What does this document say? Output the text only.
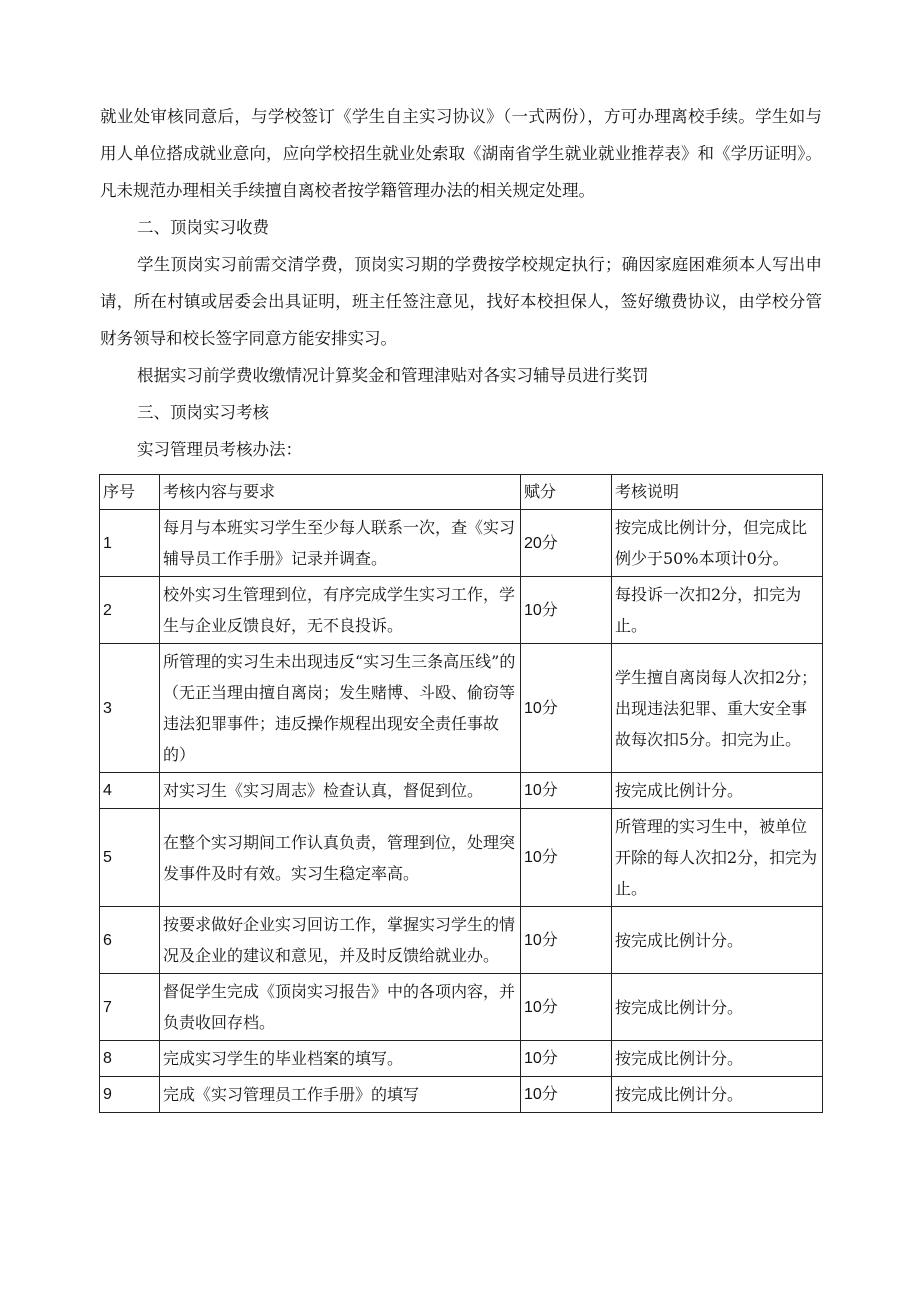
就业处审核同意后，与学校签订《学生自主实习协议》（一式两份），方可办理离校手续。学生如与用人单位搭成就业意向，应向学校招生就业处索取《湖南省学生就业就业推荐表》和《学历证明》。凡未规范办理相关手续擅自离校者按学籍管理办法的相关规定处理。

二、顶岗实习收费

学生顶岗实习前需交清学费，顶岗实习期的学费按学校规定执行；确因家庭困难须本人写出申请，所在村镇或居委会出具证明，班主任签注意见，找好本校担保人，签好缴费协议，由学校分管财务领导和校长签字同意方能安排实习。

根据实习前学费收缴情况计算奖金和管理津贴对各实习辅导员进行奖罚

三、顶岗实习考核

实习管理员考核办法：

序号	考核内容与要求	赋分	考核说明
1	每月与本班实习学生至少每人联系一次，查《实习辅导员工作手册》记录并调查。	20分	按完成比例计分，但完成比例少于50%本项计0分。
2	校外实习生管理到位，有序完成学生实习工作，学生与企业反馈良好，无不良投诉。	10分	每投诉一次扣2分，扣完为止。
3	所管理的实习生未出现违反“实习生三条高压线”的（无正当理由擅自离岗；发生赌博、斗殴、偷窃等违法犯罪事件；违反操作规程出现安全责任事故的）	10分	学生擅自离岗每人次扣2分；出现违法犯罪、重大安全事故每次扣5分。扣完为止。
4	对实习生《实习周志》检查认真，督促到位。	10分	按完成比例计分。
5	在整个实习期间工作认真负责，管理到位，处理突发事件及时有效。实习生稳定率高。	10分	所管理的实习生中，被单位开除的每人次扣2分，扣完为止。
6	按要求做好企业实习回访工作，掌握实习学生的情况及企业的建议和意见，并及时反馈给就业办。	10分	按完成比例计分。
7	督促学生完成《顶岗实习报告》中的各项内容，并负责收回存档。	10分	按完成比例计分。
8	完成实习学生的毕业档案的填写。	10分	按完成比例计分。
9	完成《实习管理员工作手册》的填写	10分	按完成比例计分。
